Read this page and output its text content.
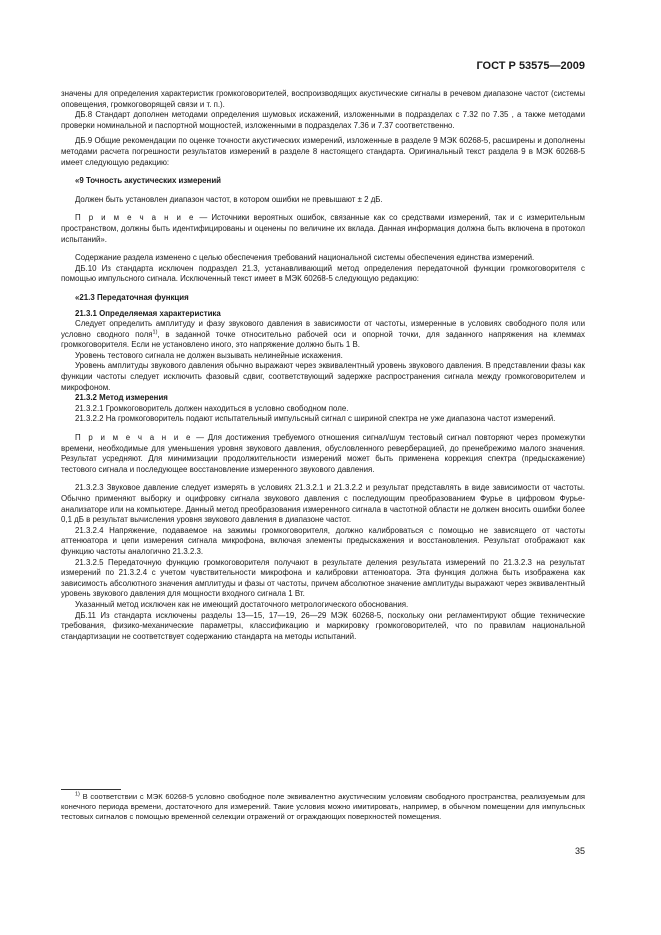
ГОСТ Р 53575—2009

значены для определения характеристик громкоговорителей, воспроизводящих акустические сигналы в речевом диапазоне частот (системы оповещения, громкоговорящей связи и т. п.).

ДБ.8 Стандарт дополнен методами определения шумовых искажений, изложенными в подразделах с 7.32 по 7.35 , а также методами проверки номинальной и паспортной мощностей, изложенными в подразделах 7.36 и 7.37 соответственно.

ДБ.9 Общие рекомендации по оценке точности акустических измерений, изложенные в разделе 9 МЭК 60268-5, расширены и дополнены методами расчета погрешности результатов измерений в разделе 8 настоящего стандарта. Оригинальный текст раздела 9 в МЭК 60268-5 имеет следующую редакцию:

«9 Точность акустических измерений

Должен быть установлен диапазон частот, в котором ошибки не превышают ± 2 дБ.

П р и м е ч а н и е — Источники вероятных ошибок, связанные как со средствами измерений, так и с измерительным пространством, должны быть идентифицированы и оценены по величине их вклада. Данная информация должна быть включена в протокол испытаний».

Содержание раздела изменено с целью обеспечения требований национальной системы обеспечения единства измерений.

ДБ.10 Из стандарта исключен подраздел 21.3, устанавливающий метод определения передаточной функции громкоговорителя с помощью импульсного сигнала. Исключенный текст имеет в МЭК 60268-5 следующую редакцию:

«21.3 Передаточная функция

21.3.1 Определяемая характеристика

Следует определить амплитуду и фазу звукового давления в зависимости от частоты, измеренные в условиях свободного поля или условно сводного поля$^{1)}$, в заданной точке относительно рабочей оси и опорной точки, для заданного напряжения на клеммах громкоговорителя. Если не установлено иного, это напряжение должно быть 1 В.

Уровень тестового сигнала не должен вызывать нелинейные искажения.

Уровень амплитуды звукового давления обычно выражают через эквивалентный уровень звукового давления. В представлении фазы как функции частоты следует исключить фазовый сдвиг, соответствующий задержке распространения сигнала между громкоговорителем и микрофоном.

21.3.2 Метод измерения

21.3.2.1 Громкоговоритель должен находиться в условно свободном поле.

21.3.2.2 На громкоговоритель подают испытательный импульсный сигнал с шириной спектра не уже диапазона частот измерений.

П р и м е ч а н и е — Для достижения требуемого отношения сигнал/шум тестовый сигнал повторяют через промежутки времени, необходимые для уменьшения уровня звукового давления, обусловленного реверберацией, до пренебрежимо малого значения. Результат усредняют. Для минимизации продолжительности измерений может быть применена коррекция спектра (предыскажение) тестового сигнала и последующее восстановление измеренного звукового давления.

21.3.2.3 Звуковое давление следует измерять в условиях 21.3.2.1 и 21.3.2.2 и результат представлять в виде зависимости от частоты. Обычно применяют выборку и оцифровку сигнала звукового давления с последующим преобразованием Фурье в цифровом Фурье-анализаторе или на компьютере. Данный метод преобразования измеренного сигнала в частотной области не должен вносить ошибки более 0,1 дБ в результат вычисления уровня звукового давления в диапазоне частот.

21.3.2.4 Напряжение, подаваемое на зажимы громкоговорителя, должно калиброваться с помощью не зависящего от частоты аттенюатора и цепи измерения сигнала микрофона, включая элементы предыскажения и восстановления. Результат отображают как функцию частоты аналогично 21.3.2.3.

21.3.2.5 Передаточную функцию громкоговорителя получают в результате деления результата измерений по 21.3.2.3 на результат измерений по 21.3.2.4 с учетом чувствительности микрофона и калибровки аттенюатора. Эта функция должна быть изображена как зависимость абсолютного значения амплитуды и фазы от частоты, причем абсолютное значение амплитуды выражают через эквивалентный уровень звукового давления для мощности входного сигнала 1 Вт.

Указанный метод исключен как не имеющий достаточного метрологического обоснования.

ДБ.11 Из стандарта исключены разделы 13—15, 17—19, 26—29 МЭК 60268-5, поскольку они регламентируют общие технические требования, физико-механические параметры, классификацию и маркировку громкоговорителей, что по правилам национальной стандартизации не соответствует содержанию стандарта на методы испытаний.

$^{1)}$ В соответствии с МЭК 60268-5 условно свободное поле эквивалентно акустическим условиям свободного пространства, реализуемым для конечного периода времени, достаточного для измерений. Такие условия можно имитировать, например, в обычном помещении для импульсных тестовых сигналов с помощью временной селекции отражений от ограждающих поверхностей помещения.

35
